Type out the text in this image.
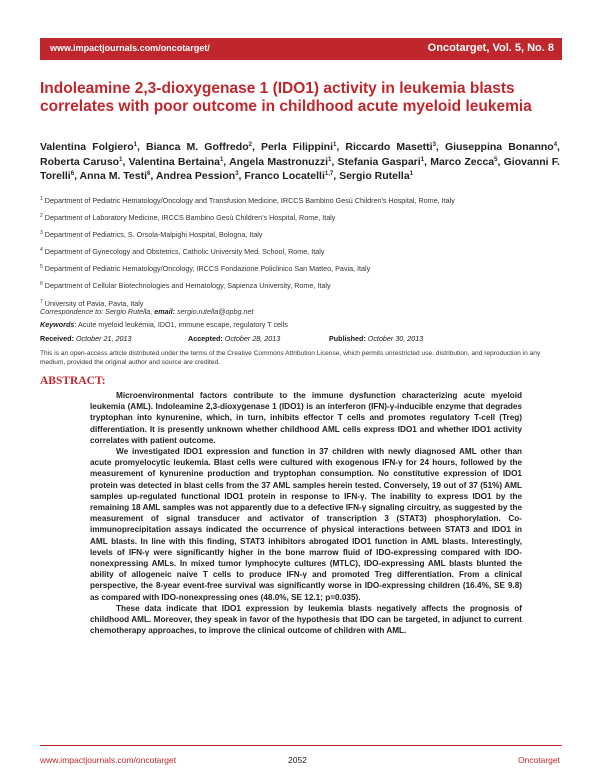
www.impactjournals.com/oncotarget/	Oncotarget, Vol. 5, No. 8
Indoleamine 2,3-dioxygenase 1 (IDO1) activity in leukemia blasts correlates with poor outcome in childhood acute myeloid leukemia

Valentina Folgiero$^1$, Bianca M. Goffredo$^2$, Perla Filippini$^1$, Riccardo Masetti$^3$, Giuseppina Bonanno$^4$, Roberta Caruso$^1$, Valentina Bertaina$^1$, Angela Mastronuzzi$^1$, Stefania Gaspari$^1$, Marco Zecca$^5$, Giovanni F. Torelli$^6$, Anna M. Testi$^6$, Andrea Pession$^3$, Franco Locatelli$^{1,7}$, Sergio Rutella$^1$

$^1$ Department of Pediatric Hematology/Oncology and Transfusion Medicine, IRCCS Bambino Gesù Children's Hospital, Rome, Italy
$^2$ Department of Laboratory Medicine, IRCCS Bambino Gesù Children's Hospital, Rome, Italy
$^3$ Department of Pediatrics, S. Orsola-Malpighi Hospital, Bologna, Italy
$^4$ Department of Gynecology and Obstetrics, Catholic University Med. School, Rome, Italy
$^5$ Department of Pediatric Hematology/Oncology, IRCCS Fondazione Policlinico San Matteo, Pavia, Italy
$^6$ Department of Cellular Biotechnologies and Hematology, Sapienza University, Rome, Italy
$^7$ University of Pavia, Pavia, Italy
Correspondence to: Sergio Rutella, email: sergio.rutella@opbg.net
Keywords: Acute myeloid leukemia, IDO1, immune escape, regulatory T cells
Received: October 21, 2013	Accepted: October 28, 2013	Published: October 30, 2013
This is an open-access article distributed under the terms of the Creative Commons Attribution License, which permits unrestricted use, distribution, and reproduction in any medium, provided the original author and source are credited.
ABSTRACT:

Microenvironmental factors contribute to the immune dysfunction characterizing acute myeloid leukemia (AML). Indoleamine 2,3-dioxygenase 1 (IDO1) is an interferon (IFN)-γ-inducible enzyme that degrades tryptophan into kynurenine, which, in turn, inhibits effector T cells and promotes regulatory T-cell (Treg) differentiation. It is presently unknown whether childhood AML cells express IDO1 and whether IDO1 activity correlates with patient outcome.

We investigated IDO1 expression and function in 37 children with newly diagnosed AML other than acute promyelocytic leukemia. Blast cells were cultured with exogenous IFN-γ for 24 hours, followed by the measurement of kynurenine production and tryptophan consumption. No constitutive expression of IDO1 protein was detected in blast cells from the 37 AML samples herein tested. Conversely, 19 out of 37 (51%) AML samples up-regulated functional IDO1 protein in response to IFN-γ. The inability to express IDO1 by the remaining 18 AML samples was not apparently due to a defective IFN-γ signaling circuitry, as suggested by the measurement of signal transducer and activator of transcription 3 (STAT3) phosphorylation. Co-immunoprecipitation assays indicated the occurrence of physical interactions between STAT3 and IDO1 in AML blasts. In line with this finding, STAT3 inhibitors abrogated IDO1 function in AML blasts. Interestingly, levels of IFN-γ were significantly higher in the bone marrow fluid of IDO-expressing compared with IDO-nonexpressing AMLs. In mixed tumor lymphocyte cultures (MTLC), IDO-expressing AML blasts blunted the ability of allogeneic naive T cells to produce IFN-γ and promoted Treg differentiation. From a clinical perspective, the 8-year event-free survival was significantly worse in IDO-expressing children (16.4%, SE 9.8) as compared with IDO-nonexpressing ones (48.0%, SE 12.1; p=0.035).

These data indicate that IDO1 expression by leukemia blasts negatively affects the prognosis of childhood AML. Moreover, they speak in favor of the hypothesis that IDO can be targeted, in adjunct to current chemotherapy approaches, to improve the clinical outcome of children with AML.

www.impactjournals.com/oncotarget	2052	Oncotarget
